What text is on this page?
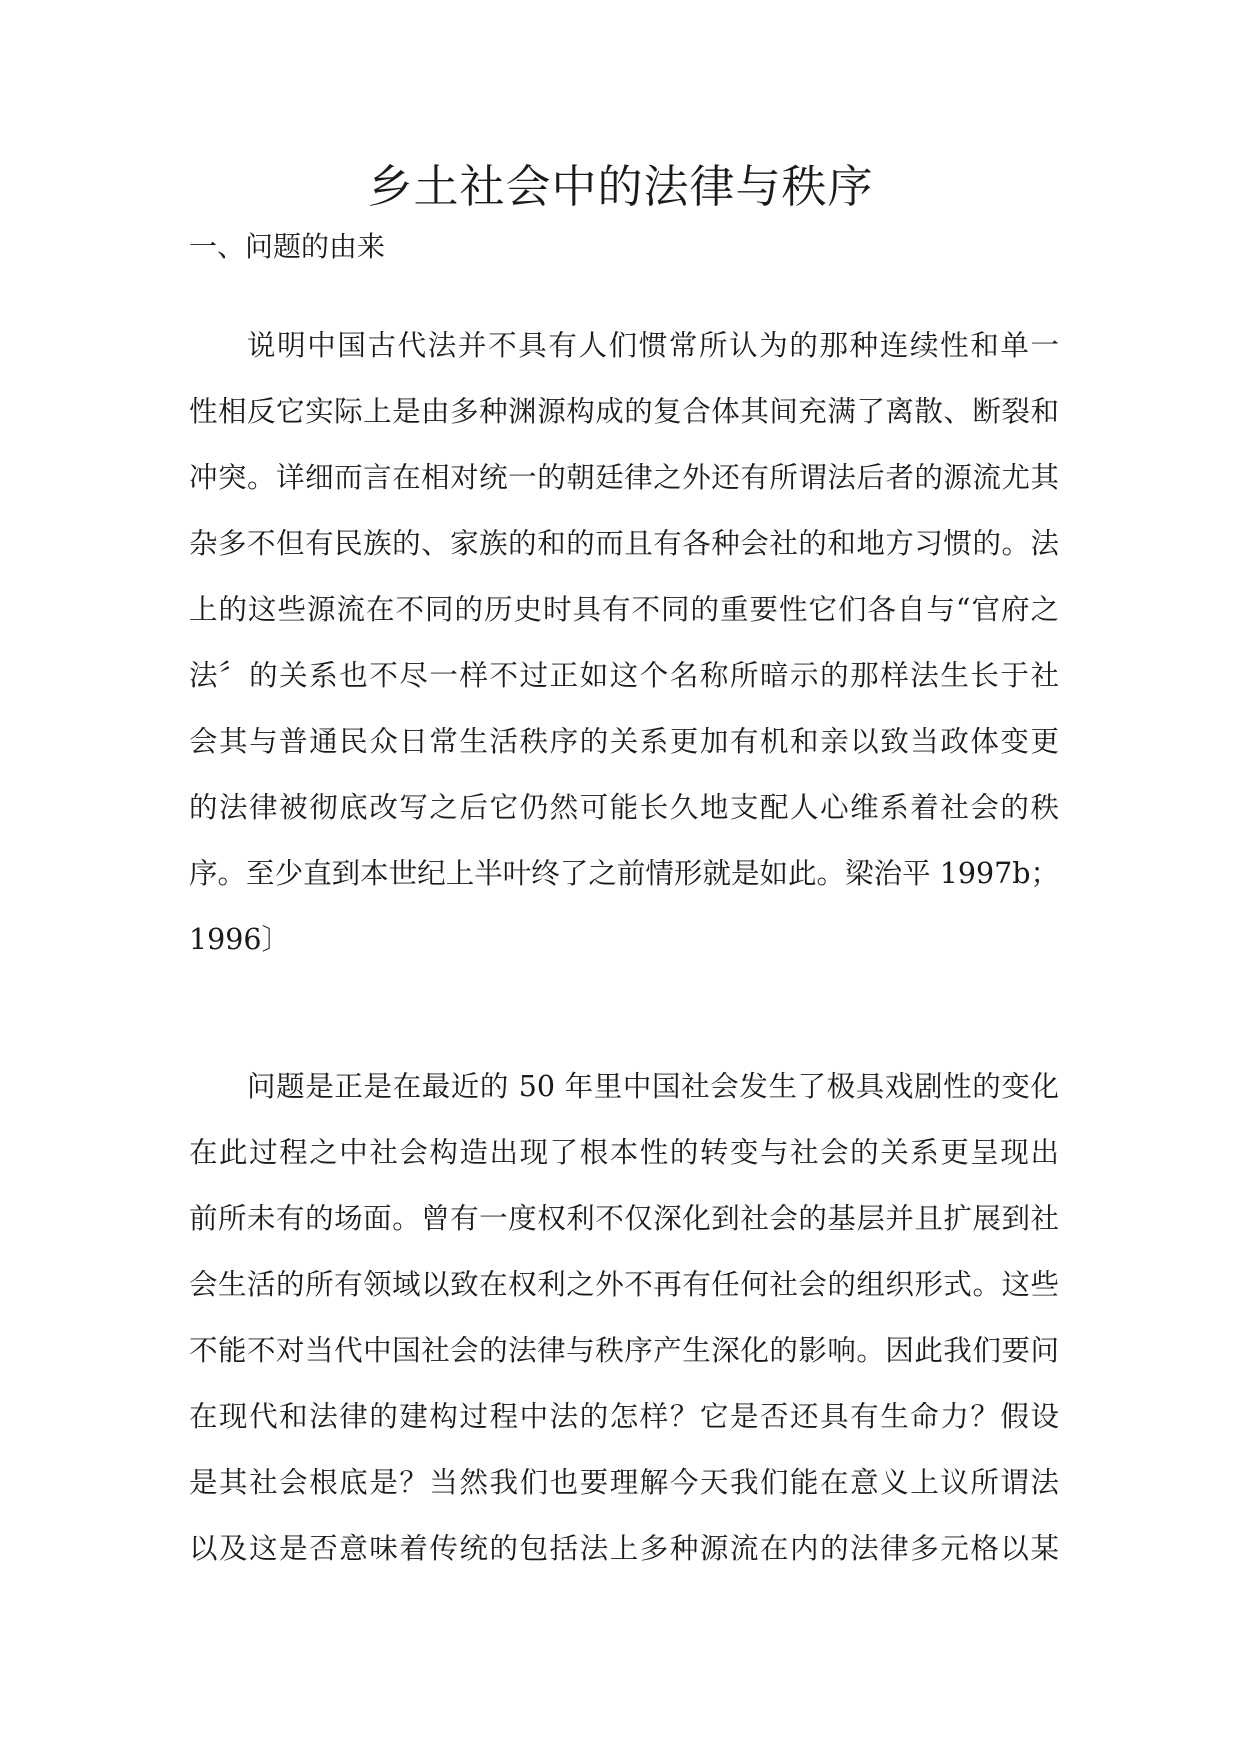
乡土社会中的法律与秩序
一、问题的由来
说明中国古代法并不具有人们惯常所认为的那种连续性和单一
性相反它实际上是由多种渊源构成的复合体其间充满了离散、断裂和
冲突。详细而言在相对统一的朝廷律之外还有所谓法后者的源流尤其
杂多不但有民族的、家族的和的而且有各种会社的和地方习惯的。法
上的这些源流在不同的历史时具有不同的重要性它们各自与“官府之
法〞的关系也不尽一样不过正如这个名称所暗示的那样法生长于社
会其与普通民众日常生活秩序的关系更加有机和亲以致当政体变更
的法律被彻底改写之后它仍然可能长久地支配人心维系着社会的秩
序。至少直到本世纪上半叶终了之前情形就是如此。梁治平 1997b；
1996〕
问题是正是在最近的 50 年里中国社会发生了极具戏剧性的变化
在此过程之中社会构造出现了根本性的转变与社会的关系更呈现出
前所未有的场面。曾有一度权利不仅深化到社会的基层并且扩展到社
会生活的所有领域以致在权利之外不再有任何社会的组织形式。这些
不能不对当代中国社会的法律与秩序产生深化的影响。因此我们要问
在现代和法律的建构过程中法的怎样？它是否还具有生命力？假设
是其社会根底是？当然我们也要理解今天我们能在意义上议所谓法
以及这是否意味着传统的包括法上多种源流在内的法律多元格以某
